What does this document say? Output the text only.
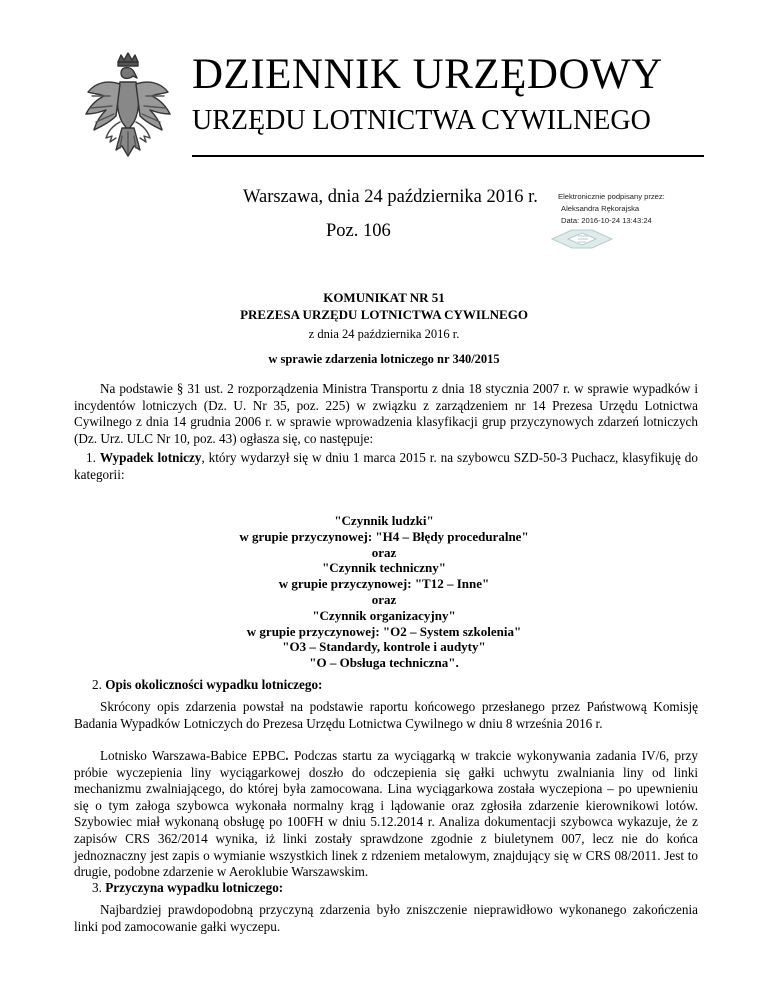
DZIENNIK URZĘDOWY
URZĘDU LOTNICTWA CYWILNEGO
Warszawa, dnia 24 października 2016 r.
Poz. 106
Elektronicznie podpisany przez:
Aleksandra Rękorajska
Data: 2016-10-24 13:43:24
KOMUNIKAT NR 51
PREZESA URZĘDU LOTNICTWA CYWILNEGO
z dnia 24 października 2016 r.
w sprawie zdarzenia lotniczego nr 340/2015
Na podstawie § 31 ust. 2 rozporządzenia Ministra Transportu z dnia 18 stycznia 2007 r. w sprawie wypadków i incydentów lotniczych (Dz. U. Nr 35, poz. 225) w związku z zarządzeniem nr 14 Prezesa Urzędu Lotnictwa Cywilnego z dnia 14 grudnia 2006 r. w sprawie wprowadzenia klasyfikacji grup przyczynowych zdarzeń lotniczych (Dz. Urz. ULC Nr 10, poz. 43) ogłasza się, co następuje:
1. Wypadek lotniczy, który wydarzył się w dniu 1 marca 2015 r. na szybowcu SZD-50-3 Puchacz, klasyfikuję do kategorii:
"Czynnik ludzki"
w grupie przyczynowej: "H4 – Błędy proceduralne"
oraz
"Czynnik techniczny"
w grupie przyczynowej: "T12 – Inne"
oraz
"Czynnik organizacyjny"
w grupie przyczynowej: "O2 – System szkolenia"
"O3 – Standardy, kontrole i audyty"
"O – Obsługa techniczna".
2. Opis okoliczności wypadku lotniczego:
Skrócony opis zdarzenia powstał na podstawie raportu końcowego przesłanego przez Państwową Komisję Badania Wypadków Lotniczych do Prezesa Urzędu Lotnictwa Cywilnego w dniu 8 września 2016 r.
Lotnisko Warszawa-Babice EPBC. Podczas startu za wyciągarką w trakcie wykonywania zadania IV/6, przy próbie wyczepienia liny wyciągarkowej doszło do odczepienia się gałki uchwytu zwalniania liny od linki mechanizmu zwalniającego, do której była zamocowana. Lina wyciągarkowa została wyczepiona – po upewnieniu się o tym załoga szybowca wykonała normalny krąg i lądowanie oraz zgłosiła zdarzenie kierownikowi lotów. Szybowiec miał wykonaną obsługę po 100FH w dniu 5.12.2014 r. Analiza dokumentacji szybowca wykazuje, że z zapisów CRS 362/2014 wynika, iż linki zostały sprawdzone zgodnie z biuletynem 007, lecz nie do końca jednoznaczny jest zapis o wymianie wszystkich linek z rdzeniem metalowym, znajdujący się w CRS 08/2011. Jest to drugie, podobne zdarzenie w Aeroklubie Warszawskim.
3. Przyczyna wypadku lotniczego:
Najbardziej prawdopodobną przyczyną zdarzenia było zniszczenie nieprawidłowo wykonanego zakończenia linki pod zamocowanie gałki wyczepu.
